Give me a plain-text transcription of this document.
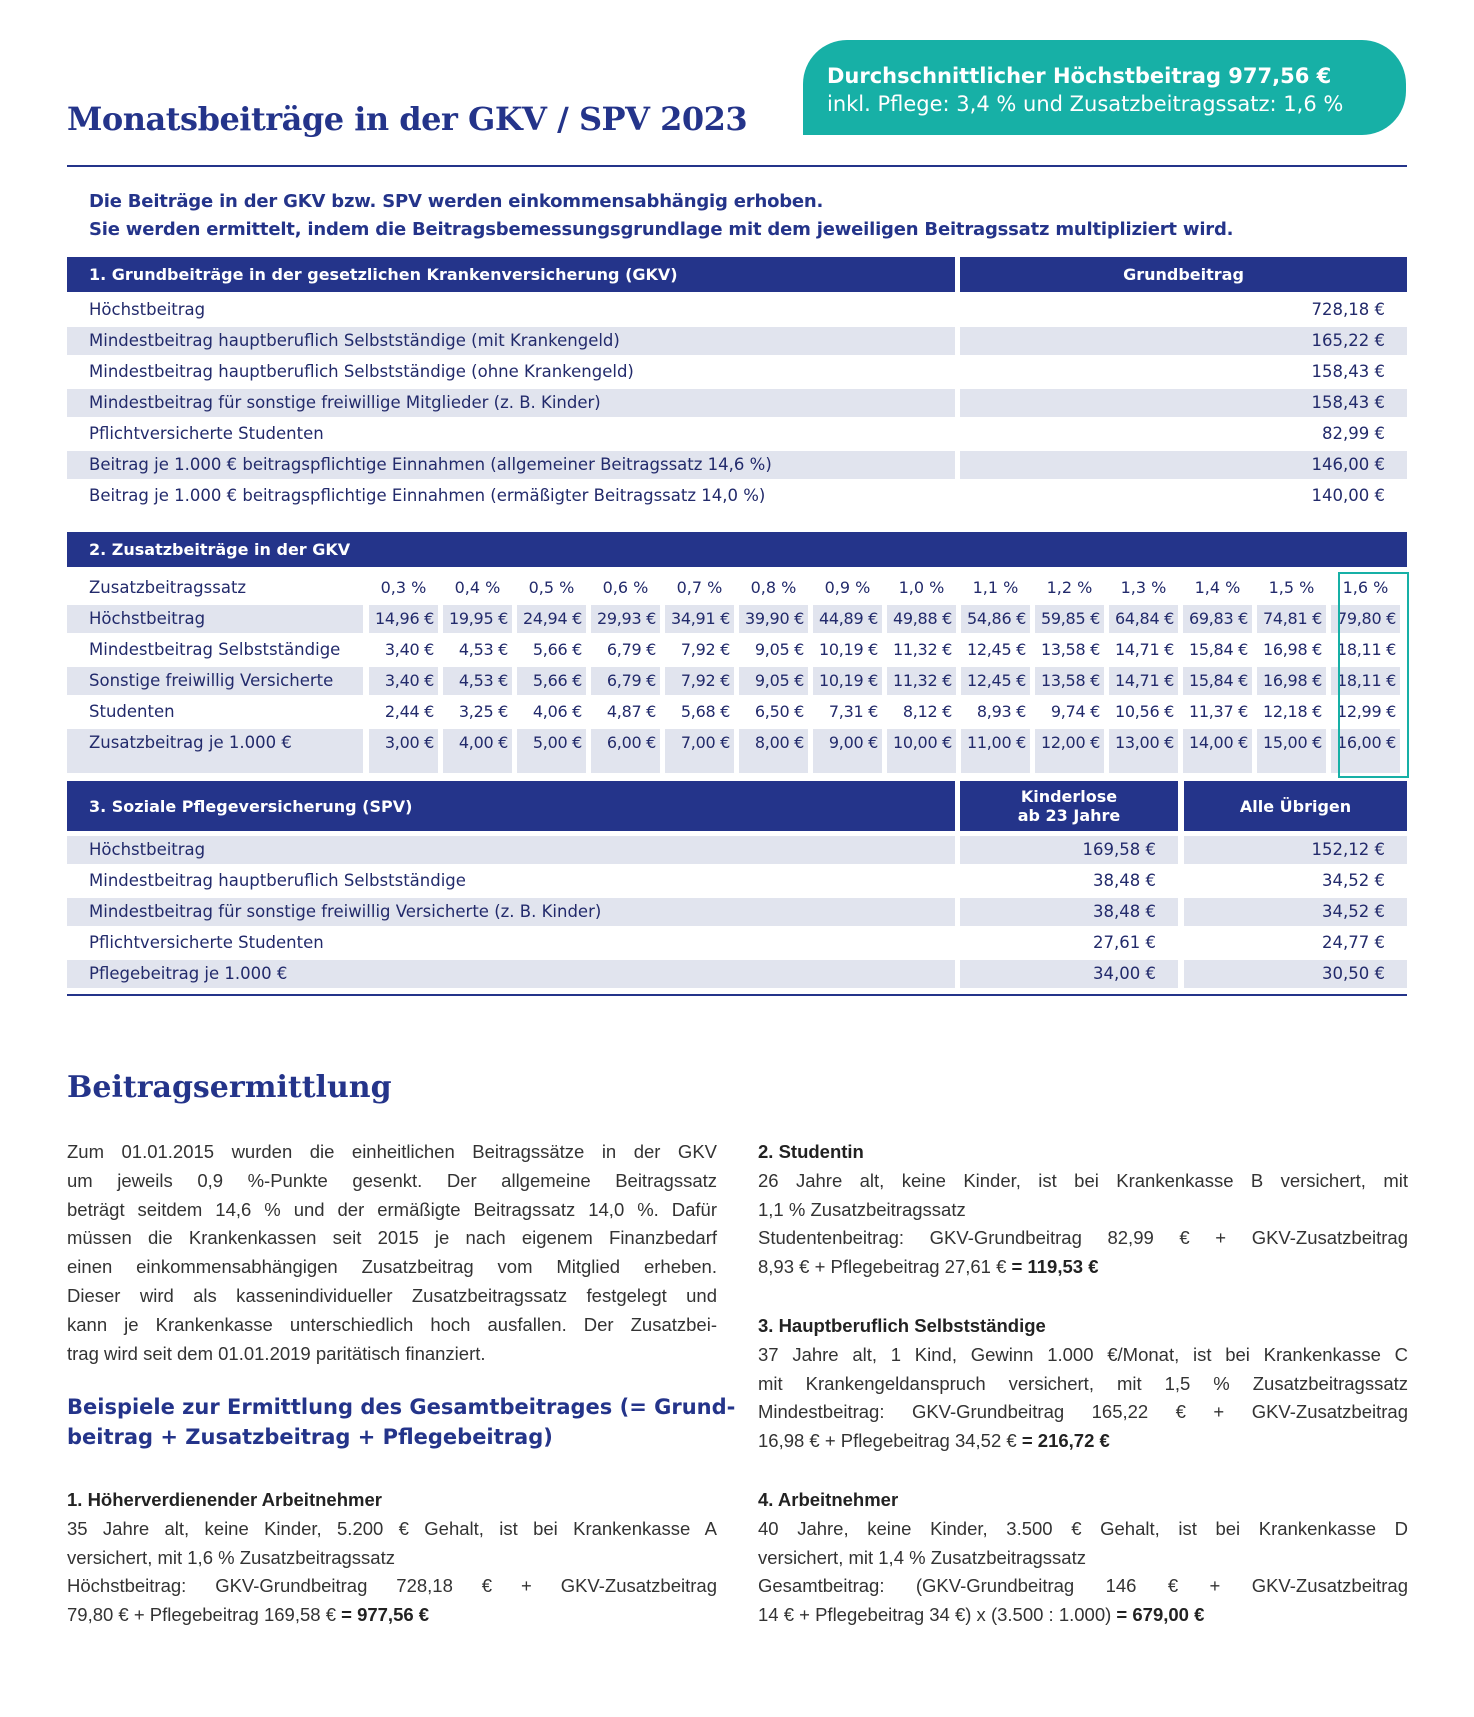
Durchschnittlicher Höchstbeitrag 977,56 €
inkl. Pflege: 3,4 % und Zusatzbeitragssatz: 1,6 %
Monatsbeiträge in der GKV / SPV 2023
Die Beiträge in der GKV bzw. SPV werden einkommensabhängig erhoben.
Sie werden ermittelt, indem die Beitragsbemessungsgrundlage mit dem jeweiligen Beitragssatz multipliziert wird.
1. Grundbeiträge in der gesetzlichen Krankenversicherung (GKV)	Grundbeitrag
Höchstbeitrag	728,18 €
Mindestbeitrag hauptberuflich Selbstständige (mit Krankengeld)	165,22 €
Mindestbeitrag hauptberuflich Selbstständige (ohne Krankengeld)	158,43 €
Mindestbeitrag für sonstige freiwillige Mitglieder (z. B. Kinder)	158,43 €
Pflichtversicherte Studenten	82,99 €
Beitrag je 1.000 € beitragspflichtige Einnahmen (allgemeiner Beitragssatz 14,6 %)	146,00 €
Beitrag je 1.000 € beitragspflichtige Einnahmen (ermäßigter Beitragssatz 14,0 %)	140,00 €
2. Zusatzbeiträge in der GKV
Zusatzbeitragssatz	0,3 %	0,4 %	0,5 %	0,6 %	0,7 %	0,8 %	0,9 %	1,0 %	1,1 %	1,2 %	1,3 %	1,4 %	1,5 %	1,6 %
Höchstbeitrag	14,96 € 19,95 € 24,94 € 29,93 € 34,91 € 39,90 € 44,89 € 49,88 € 54,86 € 59,85 € 64,84 € 69,83 € 74,81 € 79,80 €
Mindestbeitrag Selbstständige	3,40 €	4,53 €	5,66 €	6,79 €	7,92 €	9,05 € 10,19 € 11,32 € 12,45 € 13,58 € 14,71 € 15,84 € 16,98 € 18,11 €
Sonstige freiwillig Versicherte	3,40 €	4,53 €	5,66 €	6,79 €	7,92 €	9,05 € 10,19 € 11,32 € 12,45 € 13,58 € 14,71 € 15,84 € 16,98 € 18,11 €
Studenten	2,44 €	3,25 €	4,06 €	4,87 €	5,68 €	6,50 €	7,31 €	8,12 €	8,93 €	9,74 € 10,56 € 11,37 € 12,18 € 12,99 €
Zusatzbeitrag je 1.000 €	3,00 €	4,00 €	5,00 €	6,00 €	7,00 €	8,00 €	9,00 € 10,00 € 11,00 € 12,00 € 13,00 € 14,00 € 15,00 € 16,00 €
3. Soziale Pflegeversicherung (SPV)	Kinderlose
ab 23 Jahre	Alle Übrigen
Höchstbeitrag	169,58 €	152,12 €
Mindestbeitrag hauptberuflich Selbstständige	38,48 €	34,52 €
Mindestbeitrag für sonstige freiwillig Versicherte (z. B. Kinder)	38,48 €	34,52 €
Pflichtversicherte Studenten	27,61 €	24,77 €
Pflegebeitrag je 1.000 €	34,00 €	30,50 €
Beitragsermittlung
Zum 01.01.2015 wurden die einheitlichen Beitragssätze in der GKV
um jeweils 0,9 %-Punkte gesenkt. Der allgemeine Beitragssatz
beträgt seitdem 14,6 % und der ermäßigte Beitragssatz 14,0 %. Dafür
müssen die Krankenkassen seit 2015 je nach eigenem Finanzbedarf
einen einkommensabhängigen Zusatzbeitrag vom Mitglied erheben.
Dieser wird als kassenindividueller Zusatzbeitragssatz festgelegt und
kann je Krankenkasse unterschiedlich hoch ausfallen. Der Zusatzbei-
trag wird seit dem 01.01.2019 paritätisch finanziert.
Beispiele zur Ermittlung des Gesamtbeitrages (= Grund-
beitrag + Zusatzbeitrag + Pflegebeitrag)
1. Höherverdienender Arbeitnehmer
35 Jahre alt, keine Kinder, 5.200 € Gehalt, ist bei Krankenkasse A
versichert, mit 1,6 % Zusatzbeitragssatz
Höchstbeitrag: GKV-Grundbeitrag 728,18 € + GKV-Zusatzbeitrag
79,80 € + Pflegebeitrag 169,58 € = 977,56 €
2. Studentin
26 Jahre alt, keine Kinder, ist bei Krankenkasse B versichert, mit
1,1 % Zusatzbeitragssatz
Studentenbeitrag: GKV-Grundbeitrag 82,99 € + GKV-Zusatzbeitrag
8,93 € + Pflegebeitrag 27,61 € = 119,53 €
3. Hauptberuflich Selbstständige
37 Jahre alt, 1 Kind, Gewinn 1.000 €/Monat, ist bei Krankenkasse C
mit Krankengeldanspruch versichert, mit 1,5 % Zusatzbeitragssatz
Mindestbeitrag: GKV-Grundbeitrag 165,22 € + GKV-Zusatzbeitrag
16,98 € + Pflegebeitrag 34,52 € = 216,72 €
4. Arbeitnehmer
40 Jahre, keine Kinder, 3.500 € Gehalt, ist bei Krankenkasse D
versichert, mit 1,4 % Zusatzbeitragssatz
Gesamtbeitrag: (GKV-Grundbeitrag 146 € + GKV-Zusatzbeitrag
14 € + Pflegebeitrag 34 €) x (3.500 : 1.000) = 679,00 €
